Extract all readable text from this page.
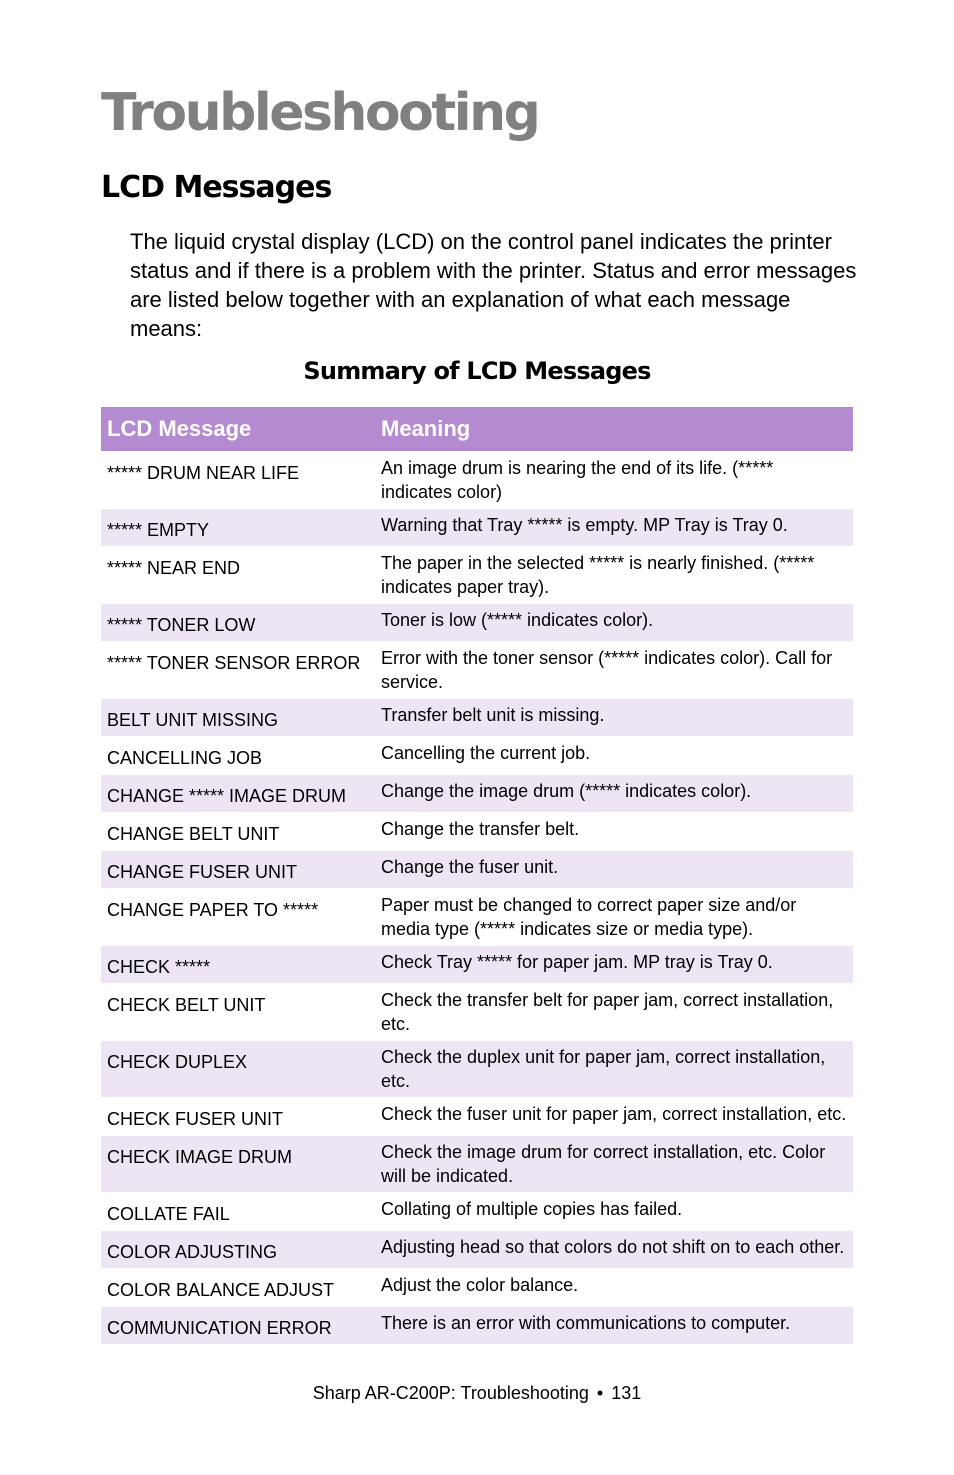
Troubleshooting
LCD Messages

The liquid crystal display (LCD) on the control panel indicates the printer status and if there is a problem with the printer. Status and error messages are listed below together with an explanation of what each message means:

Summary of LCD Messages
LCD Message	Meaning
***** DRUM NEAR LIFE	An image drum is nearing the end of its life. (***** indicates color)
***** EMPTY	Warning that Tray ***** is empty. MP Tray is Tray 0.
***** NEAR END	The paper in the selected ***** is nearly finished. (***** indicates paper tray).
***** TONER LOW	Toner is low (***** indicates color).
***** TONER SENSOR ERROR	Error with the toner sensor (***** indicates color). Call for service.
BELT UNIT MISSING	Transfer belt unit is missing.
CANCELLING JOB	Cancelling the current job.
CHANGE ***** IMAGE DRUM	Change the image drum (***** indicates color).
CHANGE BELT UNIT	Change the transfer belt.
CHANGE FUSER UNIT	Change the fuser unit.
CHANGE PAPER TO *****	Paper must be changed to correct paper size and/or media type (***** indicates size or media type).
CHECK *****	Check Tray ***** for paper jam. MP tray is Tray 0.
CHECK BELT UNIT	Check the transfer belt for paper jam, correct installation, etc.
CHECK DUPLEX	Check the duplex unit for paper jam, correct installation, etc.
CHECK FUSER UNIT	Check the fuser unit for paper jam, correct installation, etc.
CHECK IMAGE DRUM	Check the image drum for correct installation, etc. Color will be indicated.
COLLATE FAIL	Collating of multiple copies has failed.
COLOR ADJUSTING	Adjusting head so that colors do not shift on to each other.
COLOR BALANCE ADJUST	Adjust the color balance.
COMMUNICATION ERROR	There is an error with communications to computer.

Sharp AR-C200P: Troubleshooting • 131
